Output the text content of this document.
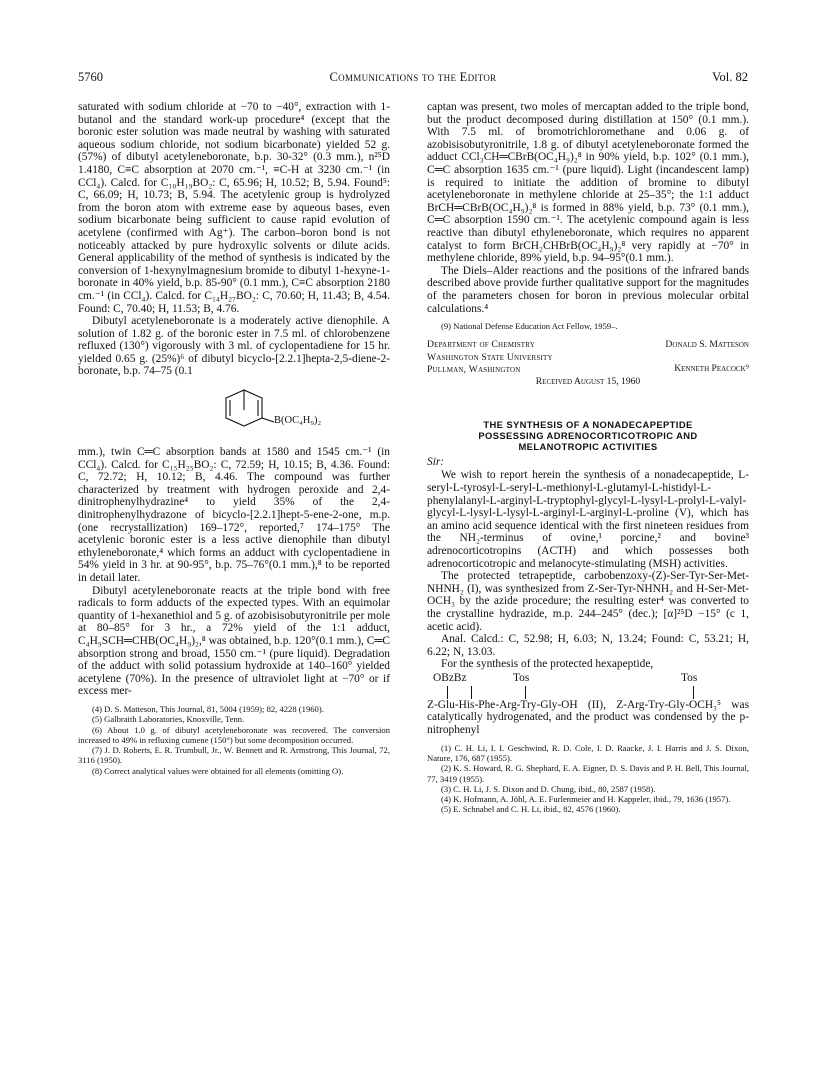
5760	Communications to the Editor	Vol. 82

saturated with sodium chloride at −70 to −40°, extraction with 1-butanol and the standard work-up procedure⁴ (except that the boronic ester solution was made neutral by washing with saturated aqueous sodium chloride, not sodium bicarbonate) yielded 52 g. (57%) of dibutyl acetyleneboronate, b.p. 30-32° (0.3 mm.), n²⁵D 1.4180, C≡C absorption at 2070 cm.⁻¹, ≡C-H at 3230 cm.⁻¹ (in CCl₄). Calcd. for C₁₀H₁₉BO₂: C, 65.96; H, 10.52; B, 5.94. Found⁵: C, 66.09; H, 10.73; B, 5.94. The acetylenic group is hydrolyzed from the boron atom with extreme ease by aqueous bases, even sodium bicarbonate being sufficient to cause rapid evolution of acetylene (confirmed with Ag⁺). The carbon–boron bond is not noticeably attacked by pure hydroxylic solvents or dilute acids. General applicability of the method of synthesis is indicated by the conversion of 1-hexynylmagnesium bromide to dibutyl 1-hexyne-1-boronate in 40% yield, b.p. 85-90° (0.1 mm.), C≡C absorption 2180 cm.⁻¹ (in CCl₄). Calcd. for C₁₄H₂₇BO₂: C, 70.60; H, 11.43; B, 4.54. Found: C, 70.40; H, 11.53; B, 4.76.

Dibutyl acetyleneboronate is a moderately active dienophile. A solution of 1.82 g. of the boronic ester in 7.5 ml. of chlorobenzene refluxed (130°) vigorously with 3 ml. of cyclopentadiene for 15 hr. yielded 0.65 g. (25%)⁶ of dibutyl bicyclo-[2.2.1]hepta-2,5-diene-2-boronate, b.p. 74–75 (0.1

B(OC₄H₉)₂

mm.), twin C═C absorption bands at 1580 and 1545 cm.⁻¹ (in CCl₄). Calcd. for C₁₅H₂₅BO₂: C, 72.59; H, 10.15; B, 4.36. Found: C, 72.72; H, 10.12; B, 4.46. The compound was further characterized by treatment with hydrogen peroxide and 2,4-dinitrophenylhydrazine⁴ to yield 35% of the 2,4-dinitrophenylhydrazone of bicyclo-[2.2.1]hept-5-ene-2-one, m.p. (one recrystallization) 169–172°, reported,⁷ 174–175° The acetylenic boronic ester is a less active dienophile than dibutyl ethyleneboronate,⁴ which forms an adduct with cyclopentadiene in 54% yield in 3 hr. at 90-95°, b.p. 75–76°(0.1 mm.),⁸ to be reported in detail later.

Dibutyl acetyleneboronate reacts at the triple bond with free radicals to form adducts of the expected types. With an equimolar quantity of 1-hexanethiol and 5 g. of azobisisobutyronitrile per mole at 80–85° for 3 hr., a 72% yield of the 1:1 adduct, C₄H₉SCH═CHB(OC₄H₉)₂,⁸ was obtained, b.p. 120°(0.1 mm.), C═C absorption strong and broad, 1550 cm.⁻¹ (pure liquid). Degradation of the adduct with solid potassium hydroxide at 140–160° yielded acetylene (70%). In the presence of ultraviolet light at −70° or if excess mer-

(4) D. S. Matteson, This Journal, 81, 5004 (1959); 82, 4228 (1960).

(5) Galbraith Laboratories, Knoxville, Tenn.

(6) About 1.0 g. of dibutyl acetyleneboronate was recovered. The conversion increased to 49% in refluxing cumene (150°) but some decomposition occurred.

(7) J. D. Roberts, E. R. Trumbull, Jr., W. Bennett and R. Armstrong, This Journal, 72, 3116 (1950).

(8) Correct analytical values were obtained for all elements (omitting O).

captan was present, two moles of mercaptan added to the triple bond, but the product decomposed during distillation at 150° (0.1 mm.). With 7.5 ml. of bromotrichloromethane and 0.06 g. of azobisisobutyronitrile, 1.8 g. of dibutyl acetyleneboronate formed the adduct CCl₃CH═CBrB(OC₄H₉)₂⁸ in 90% yield, b.p. 102° (0.1 mm.), C═C absorption 1635 cm.⁻¹ (pure liquid). Light (incandescent lamp) is required to initiate the addition of bromine to dibutyl acetyleneboronate in methylene chloride at 25–35°; the 1:1 adduct BrCH═CBrB(OC₄H₉)₂⁸ is formed in 88% yield, b.p. 73° (0.1 mm.), C═C absorption 1590 cm.⁻¹. The acetylenic compound again is less reactive than dibutyl ethyleneboronate, which requires no apparent catalyst to form BrCH₂CHBrB(OC₄H₉)₂⁸ very rapidly at −70° in methylene chloride, 89% yield, b.p. 94–95°(0.1 mm.).

The Diels–Alder reactions and the positions of the infrared bands described above provide further qualitative support for the magnitudes of the parameters chosen for boron in previous molecular orbital calculations.⁴

(9) National Defense Education Act Fellow, 1959–.

Department of Chemistry
Washington State University
Pullman, Washington
Donald S. Matteson
Kenneth Peacock⁹
Received August 15, 1960
THE SYNTHESIS OF A NONADECAPEPTIDE
POSSESSING ADRENOCORTICOTROPIC AND
MELANOTROPIC ACTIVITIES

Sir:

We wish to report herein the synthesis of a nonadecapeptide, L-seryl-L-tyrosyl-L-seryl-L-methionyl-L-glutamyl-L-histidyl-L-phenylalanyl-L-arginyl-L-tryptophyl-glycyl-L-lysyl-L-prolyl-L-valyl-glycyl-L-lysyl-L-lysyl-L-arginyl-L-arginyl-L-proline (V), which has an amino acid sequence identical with the first nineteen residues from the NH₂-terminus of ovine,¹ porcine,² and bovine³ adrenocorticotropins (ACTH) and which possesses both adrenocorticotropic and melanocyte-stimulating (MSH) activities.

The protected tetrapeptide, carbobenzoxy-(Z)-Ser-Tyr-Ser-Met-NHNH₂ (I), was synthesized from Z-Ser-Tyr-NHNH₂ and H-Ser-Met-OCH₃ by the azide procedure; the resulting ester⁴ was converted to the crystalline hydrazide, m.p. 244–245° (dec.); [α]²⁵D −15° (c 1, acetic acid).

Anal. Calcd.: C, 52.98; H, 6.03; N, 13.24; Found: C, 53.21; H, 6.22; N, 13.03.

For the synthesis of the protected hexapeptide,

OBzBz	Tos	Tos

Z-Glu-His-Phe-Arg-Try-Gly-OH (II), Z-Arg-Try-Gly-OCH₃⁵ was catalytically hydrogenated, and the product was condensed by the p-nitrophenyl

(1) C. H. Li, I. I. Geschwind, R. D. Cole, I. D. Raacke, J. I. Harris and J. S. Dixon, Nature, 176, 687 (1955).

(2) K. S. Howard, R. G. Shephard, E. A. Eigner, D. S. Davis and P. H. Bell, This Journal, 77, 3419 (1955).

(3) C. H. Li, J. S. Dixon and D. Chung, ibid., 80, 2587 (1958).

(4) K. Hofmann, A. Jöhl, A. E. Furlenmeier and H. Kappeler, ibid., 79, 1636 (1957).

(5) E. Schnabel and C. H. Li, ibid., 82, 4576 (1960).
